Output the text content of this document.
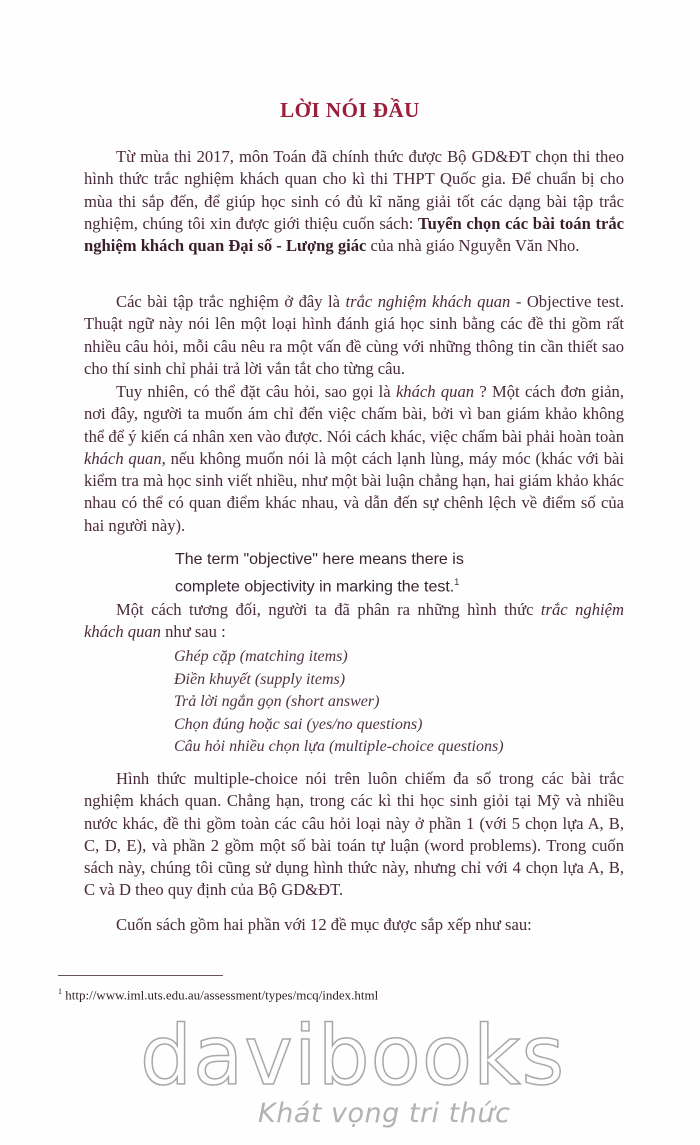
LỜI NÓI ĐẦU
Từ mùa thi 2017, môn Toán đã chính thức được Bộ GD&ĐT chọn thi theo hình thức trắc nghiệm khách quan cho kì thi THPT Quốc gia. Để chuẩn bị cho mùa thi sắp đến, để giúp học sinh có đủ kĩ năng giải tốt các dạng bài tập trắc nghiệm, chúng tôi xin được giới thiệu cuốn sách: Tuyển chọn các bài toán trắc nghiệm khách quan Đại số - Lượng giác của nhà giáo Nguyễn Văn Nho.
Các bài tập trắc nghiệm ở đây là trắc nghiệm khách quan - Objective test. Thuật ngữ này nói lên một loại hình đánh giá học sinh bằng các đề thi gồm rất nhiều câu hỏi, mỗi câu nêu ra một vấn đề cùng với những thông tin cần thiết sao cho thí sinh chỉ phải trả lời vắn tắt cho từng câu.
Tuy nhiên, có thể đặt câu hỏi, sao gọi là khách quan ? Một cách đơn giản, nơi đây, người ta muốn ám chỉ đến việc chấm bài, bởi vì ban giám khảo không thể để ý kiến cá nhân xen vào được. Nói cách khác, việc chấm bài phải hoàn toàn khách quan, nếu không muốn nói là một cách lạnh lùng, máy móc (khác với bài kiểm tra mà học sinh viết nhiều, như một bài luận chẳng hạn, hai giám khảo khác nhau có thể có quan điểm khác nhau, và dẫn đến sự chênh lệch về điểm số của hai người này).
The term "objective" here means there is
complete objectivity in marking the test.$^1$
Một cách tương đối, người ta đã phân ra những hình thức trắc nghiệm khách quan như sau :
Ghép cặp (matching items)
Điền khuyết (supply items)
Trả lời ngắn gọn (short answer)
Chọn đúng hoặc sai (yes/no questions)
Câu hỏi nhiều chọn lựa (multiple-choice questions)
Hình thức multiple-choice nói trên luôn chiếm đa số trong các bài trắc nghiệm khách quan. Chẳng hạn, trong các kì thi học sinh giỏi tại Mỹ và nhiều nước khác, đề thi gồm toàn các câu hỏi loại này ở phần 1 (với 5 chọn lựa A, B, C, D, E), và phần 2 gồm một số bài toán tự luận (word problems). Trong cuốn sách này, chúng tôi cũng sử dụng hình thức này, nhưng chỉ với 4 chọn lựa A, B, C và D theo quy định của Bộ GD&ĐT.
Cuốn sách gồm hai phần với 12 đề mục được sắp xếp như sau:
$^1$ http://www.iml.uts.edu.au/assessment/types/mcq/index.html
davibooks
Khát vọng tri thức
